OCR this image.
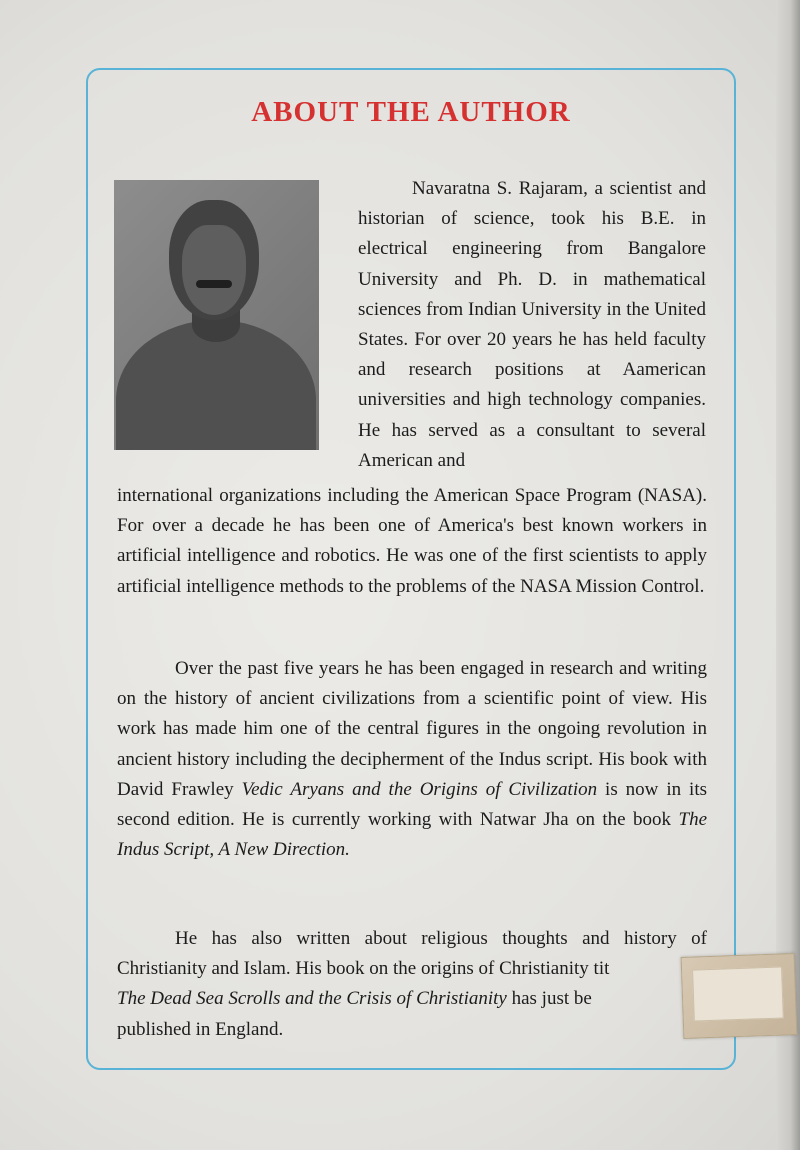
ABOUT THE AUTHOR

Navaratna S. Rajaram, a scientist and historian of science, took his B.E. in electrical engineering from Bangalore University and Ph. D. in mathematical sciences from Indian University in the United States. For over 20 years he has held faculty and research positions at Aamerican universities and high technology companies. He has served as a consultant to several American and

international organizations including the American Space Program (NASA). For over a decade he has been one of America's best known workers in artificial intelligence and robotics. He was one of the first scientists to apply artificial intelligence methods to the problems of the NASA Mission Control.

Over the past five years he has been engaged in research and writing on the history of ancient civilizations from a scientific point of view. His work has made him one of the central figures in the ongoing revolution in ancient history including the decipherment of the Indus script. His book with David Frawley Vedic Aryans and the Origins of Civilization is now in its second edition. He is currently working with Natwar Jha on the book The Indus Script, A New Direction.

He has also written about religious thoughts and history of Christianity and Islam. His book on the origins of Christianity tit
The Dead Sea Scrolls and the Crisis of Christianity has just be
published in England.
